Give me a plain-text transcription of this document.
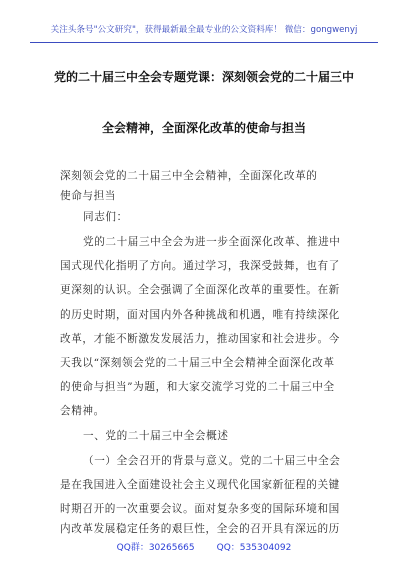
关注头条号"公文研究"，获得最新最全最专业的公文资料库！ 微信：gongwenyj
党的二十届三中全会专题党课：深刻领会党的二十届三中
全会精神，全面深化改革的使命与担当
深刻领会党的二十届三中全会精神，全面深化改革的
使命与担当
同志们：
党的二十届三中全会为进一步全面深化改革、推进中
国式现代化指明了方向。通过学习，我深受鼓舞，也有了
更深刻的认识。全会强调了全面深化改革的重要性。在新
的历史时期，面对国内外各种挑战和机遇，唯有持续深化
改革，才能不断激发发展活力，推动国家和社会进步。今
天我以“深刻领会党的二十届三中全会精神全面深化改革
的使命与担当”为题，和大家交流学习党的二十届三中全
会精神。
一、党的二十届三中全会概述
（一）全会召开的背景与意义。党的二十届三中全会
是在我国进入全面建设社会主义现代化国家新征程的关键
时期召开的一次重要会议。面对复杂多变的国际环境和国
内改革发展稳定任务的艰巨性，全会的召开具有深远的历
QQ群：30265665 QQ：535304092
